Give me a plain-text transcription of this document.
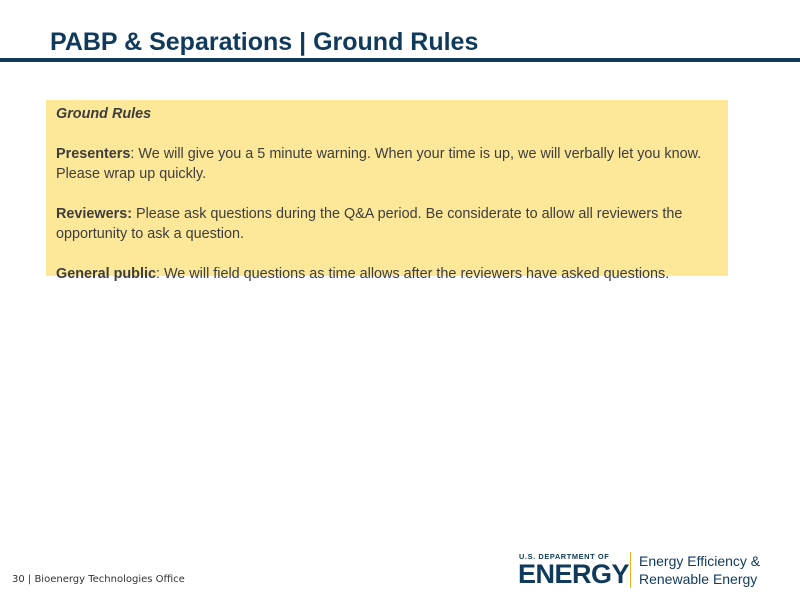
PABP & Separations | Ground Rules

Ground Rules

Presenters: We will give you a 5 minute warning. When your time is up, we will verbally let you know. Please wrap up quickly.

Reviewers: Please ask questions during the Q&A period. Be considerate to allow all reviewers the opportunity to ask a question.

General public: We will field questions as time allows after the reviewers have asked questions.

30 | Bioenergy Technologies Office
U.S. DEPARTMENT OF
ENERGY Energy Efficiency &
Renewable Energy
